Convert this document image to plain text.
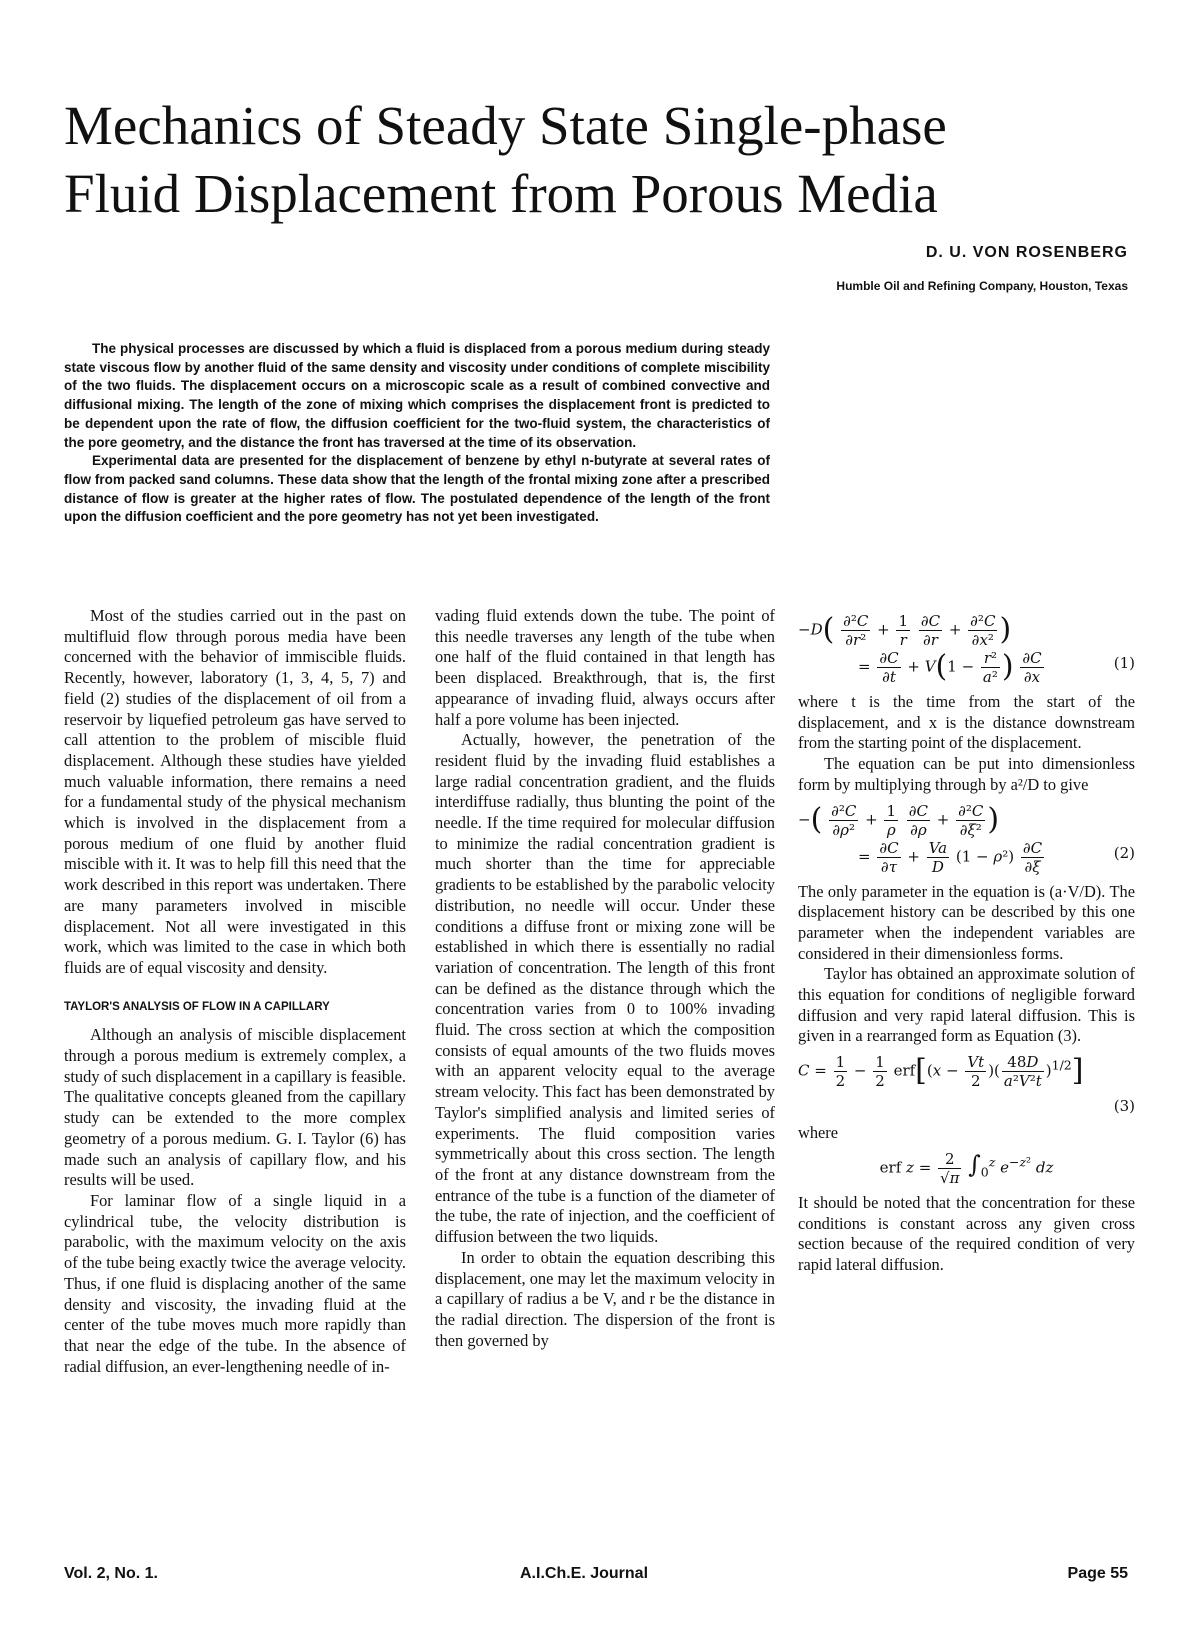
Mechanics of Steady State Single-phase
Fluid Displacement from Porous Media
D. U. VON ROSENBERG
Humble Oil and Refining Company, Houston, Texas

The physical processes are discussed by which a fluid is displaced from a porous medium during steady state viscous flow by another fluid of the same density and viscosity under conditions of complete miscibility of the two fluids. The displacement occurs on a microscopic scale as a result of combined convective and diffusional mixing. The length of the zone of mixing which comprises the displacement front is predicted to be dependent upon the rate of flow, the diffusion coefficient for the two-fluid system, the characteristics of the pore geometry, and the distance the front has traversed at the time of its observation.

Experimental data are presented for the displacement of benzene by ethyl n-butyrate at several rates of flow from packed sand columns. These data show that the length of the frontal mixing zone after a prescribed distance of flow is greater at the higher rates of flow. The postulated dependence of the length of the front upon the diffusion coefficient and the pore geometry has not yet been investigated.

Most of the studies carried out in the past on multifluid flow through porous media have been concerned with the behavior of immiscible fluids. Recently, however, laboratory (1, 3, 4, 5, 7) and field (2) studies of the displacement of oil from a reservoir by liquefied petroleum gas have served to call attention to the problem of miscible fluid displacement. Although these studies have yielded much valuable information, there remains a need for a fundamental study of the physical mechanism which is involved in the displacement from a porous medium of one fluid by another fluid miscible with it. It was to help fill this need that the work described in this report was undertaken. There are many parameters involved in miscible displacement. Not all were investigated in this work, which was limited to the case in which both fluids are of equal viscosity and density.

TAYLOR'S ANALYSIS OF FLOW IN A CAPILLARY

Although an analysis of miscible displacement through a porous medium is extremely complex, a study of such displacement in a capillary is feasible. The qualitative concepts gleaned from the capillary study can be extended to the more complex geometry of a porous medium. G. I. Taylor (6) has made such an analysis of capillary flow, and his results will be used.

For laminar flow of a single liquid in a cylindrical tube, the velocity distribution is parabolic, with the maximum velocity on the axis of the tube being exactly twice the average velocity. Thus, if one fluid is displacing another of the same density and viscosity, the invading fluid at the center of the tube moves much more rapidly than that near the edge of the tube. In the absence of radial diffusion, an ever-lengthening needle of in-

vading fluid extends down the tube. The point of this needle traverses any length of the tube when one half of the fluid contained in that length has been displaced. Breakthrough, that is, the first appearance of invading fluid, always occurs after half a pore volume has been injected.

Actually, however, the penetration of the resident fluid by the invading fluid establishes a large radial concentration gradient, and the fluids interdiffuse radially, thus blunting the point of the needle. If the time required for molecular diffusion to minimize the radial concentration gradient is much shorter than the time for appreciable gradients to be established by the parabolic velocity distribution, no needle will occur. Under these conditions a diffuse front or mixing zone will be established in which there is essentially no radial variation of concentration. The length of this front can be defined as the distance through which the concentration varies from 0 to 100% invading fluid. The cross section at which the composition consists of equal amounts of the two fluids moves with an apparent velocity equal to the average stream velocity. This fact has been demonstrated by Taylor's simplified analysis and limited series of experiments. The fluid composition varies symmetrically about this cross section. The length of the front at any distance downstream from the entrance of the tube is a function of the diameter of the tube, the rate of injection, and the coefficient of diffusion between the two liquids.

In order to obtain the equation describing this displacement, one may let the maximum velocity in a capillary of radius a be V, and r be the distance in the radial direction. The dispersion of the front is then governed by

$-D( \frac{\text{∂²C}}{\text{∂r²}} + \frac{1}{r}$
$\frac{\partial C}{\partial r} + \frac{\text{∂²C}}{\text{∂x²}}$ )
= $\frac{\partial C}{\partial t} + V(1 - \frac{\text{r²}}{\text{a²}}$ ) $\frac{\partial C}{\partial x}$	(1)

where t is the time from the start of the displacement, and x is the distance downstream from the starting point of the displacement.

The equation can be put into dimensionless form by multiplying through by a²/D to give

−( $\frac{\text{∂²C}}{\text{∂ρ²}} + \frac{1}{\rho}$
$\frac{\partial C}{\partial\rho} + \frac{\text{∂²C}}{\text{∂ξ²}}$ )
= $\frac{\partial C}{\partial\tau} + \frac{Va}{D} (1 - \rho^2) \frac{\partial C}{\partial\xi}$	(2)

The only parameter in the equation is (a·V/D). The displacement history can be described by this one parameter when the independent variables are considered in their dimensionless forms.

Taylor has obtained an approximate solution of this equation for conditions of negligible forward diffusion and very rapid lateral diffusion. This is given in a rearranged form as Equation (3).

$C = \frac{1}{2} - \frac{1}{2} erf[(x - \frac{Vt}{2}$ )( $\frac{48D}{\text{a²V²t}} )^{1/2}$]
(3)

where

erf $z = \frac{2}{√\pi} \int_0^z$ $e^{-z^2}$ dz

It should be noted that the concentration for these conditions is constant across any given cross section because of the required condition of very rapid lateral diffusion.

Vol. 2, No. 1.	A.I.Ch.E. Journal	Page 55
